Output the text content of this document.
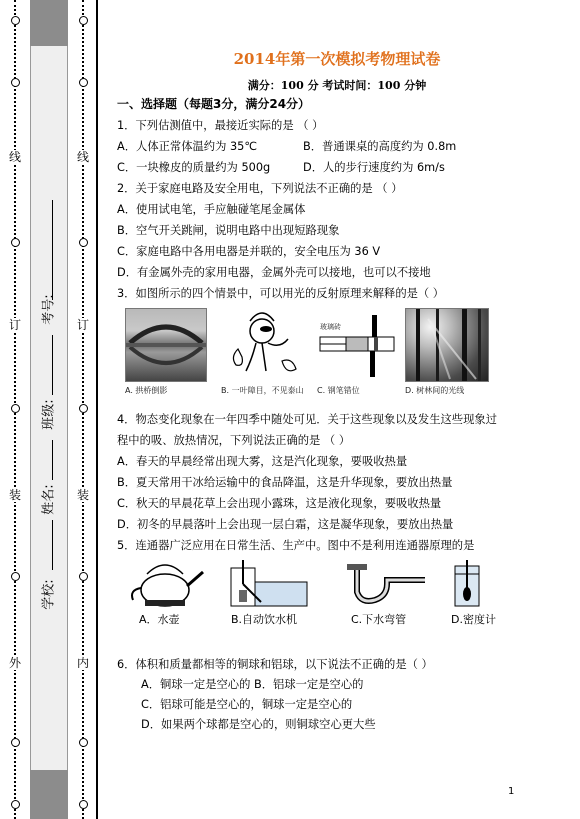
线
订
装
外
考号:
班级:
姓名:
学校:
线
订
装
内
2014年第一次模拟考物理试卷
满分：100 分 考试时间：100 分钟
一、选择题（每题3分，满分24分）
1．下列估测值中，最接近实际的是 （ ）
A．人体正常体温约为 35℃	B．普通课桌的高度约为 0.8m
C．一块橡皮的质量约为 500g	D．人的步行速度约为 6m/s
2．关于家庭电路及安全用电，下列说法不正确的是 （ ）
A．使用试电笔，手应触碰笔尾金属体
B．空气开关跳闸，说明电路中出现短路现象
C．家庭电路中各用电器是并联的，安全电压为 36 V
D．有金属外壳的家用电器，金属外壳可以接地，也可以不接地
3．如图所示的四个情景中，可以用光的反射原理来解释的是（ ）
A. 拱桥倒影	B. 一叶障目，不见泰山
玻璃砖
C. 钢笔错位	D. 树林间的光线
4．物态变化现象在一年四季中随处可见．关于这些现象以及发生这些现象过
程中的吸、放热情况，下列说法正确的是 （ ）
A．春天的早晨经常出现大雾，这是汽化现象，要吸收热量
B．夏天常用干冰给运输中的食品降温，这是升华现象，要放出热量
C．秋天的早晨花草上会出现小露珠，这是液化现象，要吸收热量
D．初冬的早晨落叶上会出现一层白霜，这是凝华现象，要放出热量
5．连通器广泛应用在日常生活、生产中。图中不是利用连通器原理的是
A．水壶	B.自动饮水机	C.下水弯管	D.密度计
6．体积和质量都相等的铜球和铝球，以下说法不正确的是（ ）
A．铜球一定是空心的 B．铝球一定是空心的
C．铝球可能是空心的，铜球一定是空心的
D．如果两个球都是空心的，则铜球空心更大些
1
